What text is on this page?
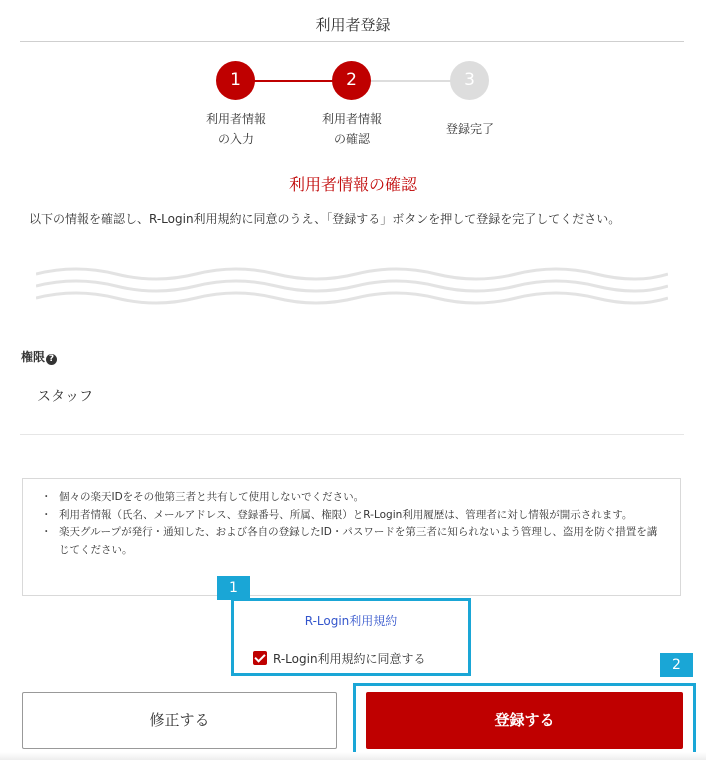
利用者登録
1	2	3
利用者情報
の入力
利用者情報
の確認
登録完了
利用者情報の確認
以下の情報を確認し、R-Login利用規約に同意のうえ、「登録する」ボタンを押して登録を完了してください。
権限 ?
スタッフ
・ 個々の楽天IDをその他第三者と共有して使用しないでください。
・ 利用者情報（氏名、メールアドレス、登録番号、所属、権限）とR-Login利用履歴は、管理者に対し情報が開示されます。
・ 楽天グループが発行・通知した、および各自の登録したID・パスワードを第三者に知られないよう管理し、盗用を防ぐ措置を講じてください。
R-Login利用規約
R-Login利用規約に同意する
1
修正する	登録する
2
